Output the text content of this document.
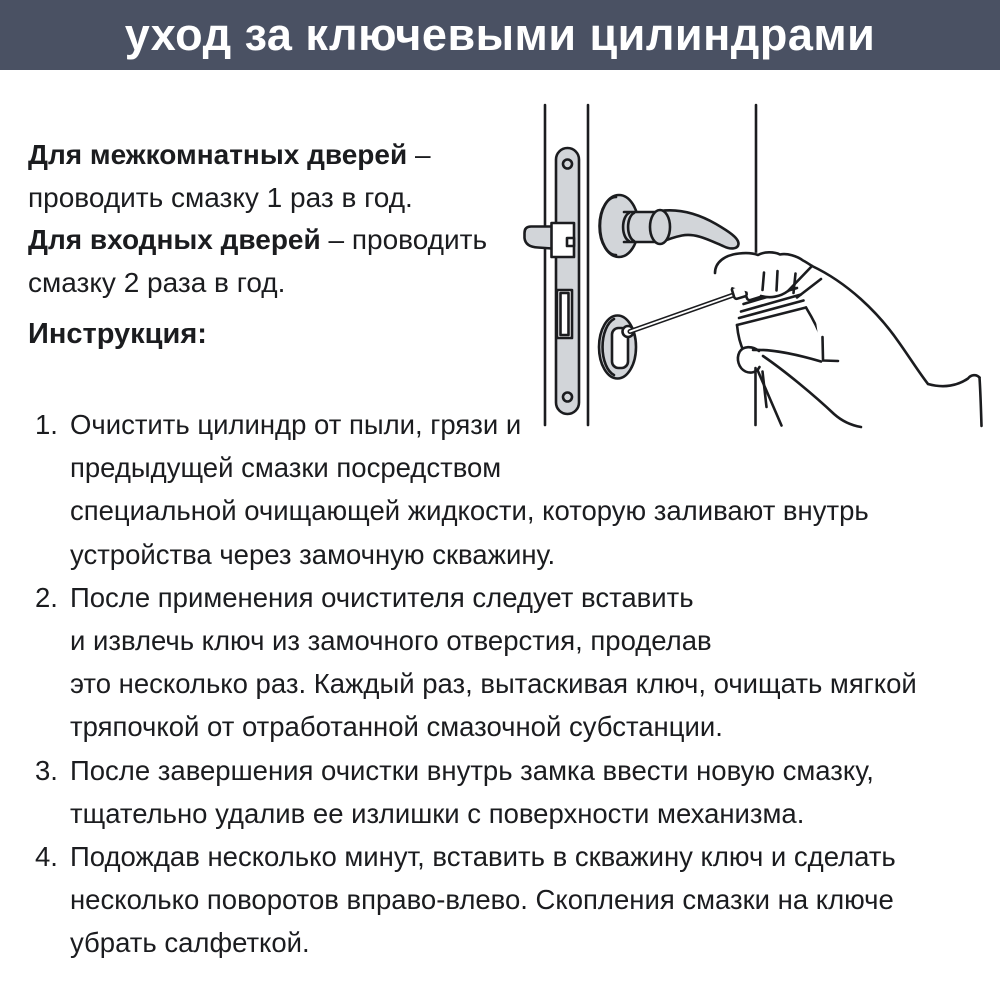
уход за ключевыми цилиндрами
Для межкомнатных дверей –
проводить смазку 1 раз в год.
Для входных дверей – проводить
смазку 2 раза в год.
Инструкция:
1. Очистить цилиндр от пыли, грязи и
предыдущей смазки посредством
специальной очищающей жидкости, которую заливают внутрь
устройства через замочную скважину.
2. После применения очистителя следует вставить
и извлечь ключ из замочного отверстия, проделав
это несколько раз. Каждый раз, вытаскивая ключ, очищать мягкой
тряпочкой от отработанной смазочной субстанции.
3. После завершения очистки внутрь замка ввести новую смазку,
тщательно удалив ее излишки с поверхности механизма.
4. Подождав несколько минут, вставить в скважину ключ и сделать
несколько поворотов вправо-влево. Скопления смазки на ключе
убрать салфеткой.
